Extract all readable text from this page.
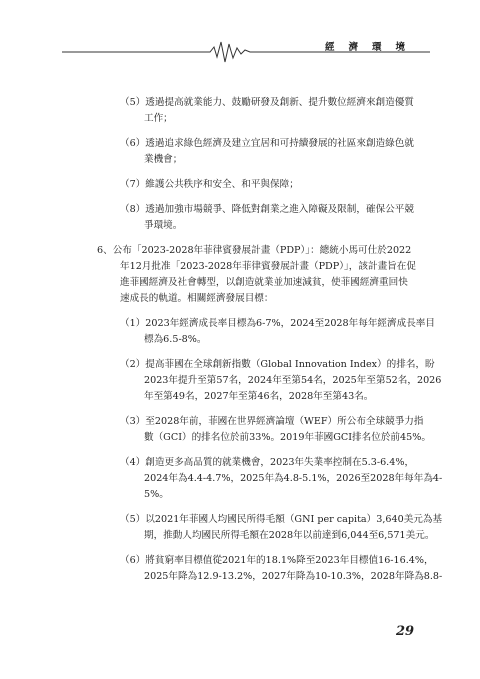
經濟環境
（5）透過提高就業能力、鼓勵研發及創新、提升數位經濟來創造優質
工作；
（6）透過追求綠色經濟及建立宜居和可持續發展的社區來創造綠色就
業機會；
（7）維護公共秩序和安全、和平與保障；
（8）透過加強市場競爭、降低對創業之進入障礙及限制，確保公平競
爭環境。
6、公布「2023-2028年菲律賓發展計畫（PDP）」：總統小馬可仕於2022
年12月批准「2023-2028年菲律賓發展計畫（PDP）」，該計畫旨在促
進菲國經濟及社會轉型，以創造就業並加速減貧，使菲國經濟重回快
速成長的軌道。相關經濟發展目標：
（1）2023年經濟成長率目標為6-7%，2024至2028年每年經濟成長率目
標為6.5-8%。
（2）提高菲國在全球創新指數（Global Innovation Index）的排名，盼
2023年提升至第57名，2024年至第54名，2025年至第52名，2026
年至第49名，2027年至第46名，2028年至第43名。
（3）至2028年前，菲國在世界經濟論壇（WEF）所公布全球競爭力指
數（GCI）的排名位於前33%。2019年菲國GCI排名位於前45%。
（4）創造更多高品質的就業機會，2023年失業率控制在5.3-6.4%，
2024年為4.4-4.7%，2025年為4.8-5.1%，2026至2028年每年為4-
5%。
（5）以2021年菲國人均國民所得毛額（GNI per capita）3,640美元為基
期，推動人均國民所得毛額在2028年以前達到6,044至6,571美元。
（6）將貧窮率目標值從2021年的18.1%降至2023年目標值16-16.4%，
2025年降為12.9-13.2%，2027年降為10-10.3%，2028年降為8.8-
29
